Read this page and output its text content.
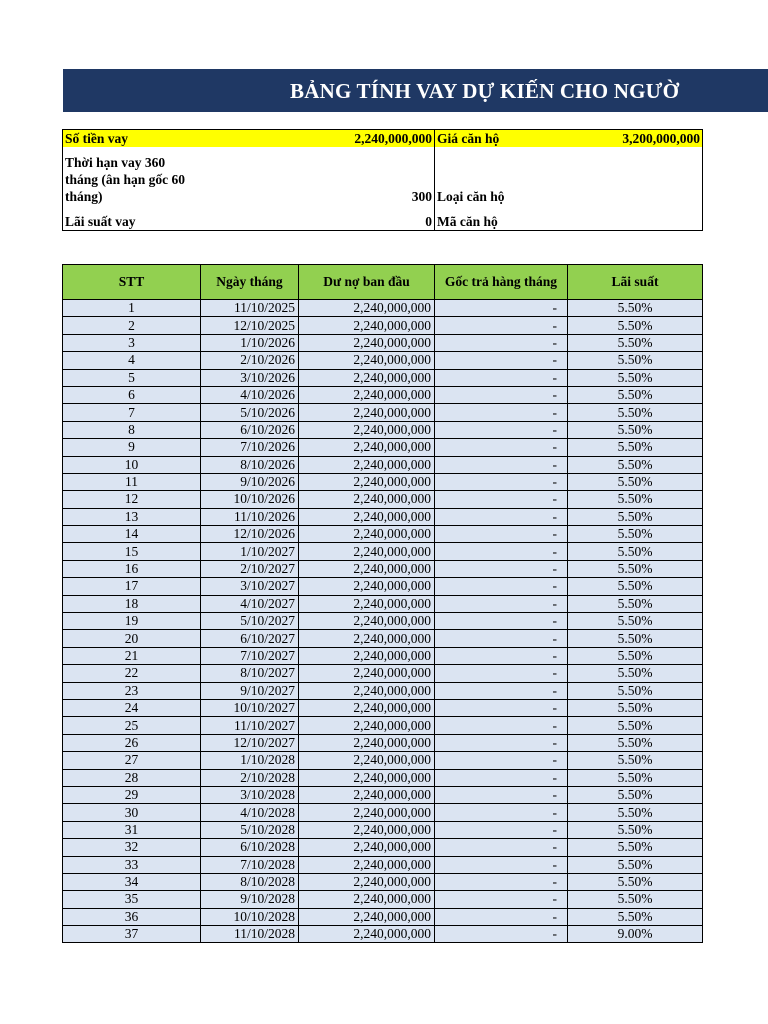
BẢNG TÍNH VAY DỰ KIẾN CHO NGƯỜ
Số tiền vay	2,240,000,000	Giá căn hộ	3,200,000,000

Thời hạn vay 360
tháng (ân hạn gốc 60
tháng)	300	Loại căn hộ	
Lãi suất vay	0	Mã căn hộ	
STT	Ngày tháng	Dư nợ ban đầu	Gốc trả hàng tháng	Lãi suất
1	11/10/2025	2,240,000,000	-	5.50%
2	12/10/2025	2,240,000,000	-	5.50%
3	1/10/2026	2,240,000,000	-	5.50%
4	2/10/2026	2,240,000,000	-	5.50%
5	3/10/2026	2,240,000,000	-	5.50%
6	4/10/2026	2,240,000,000	-	5.50%
7	5/10/2026	2,240,000,000	-	5.50%
8	6/10/2026	2,240,000,000	-	5.50%
9	7/10/2026	2,240,000,000	-	5.50%
10	8/10/2026	2,240,000,000	-	5.50%
11	9/10/2026	2,240,000,000	-	5.50%
12	10/10/2026	2,240,000,000	-	5.50%
13	11/10/2026	2,240,000,000	-	5.50%
14	12/10/2026	2,240,000,000	-	5.50%
15	1/10/2027	2,240,000,000	-	5.50%
16	2/10/2027	2,240,000,000	-	5.50%
17	3/10/2027	2,240,000,000	-	5.50%
18	4/10/2027	2,240,000,000	-	5.50%
19	5/10/2027	2,240,000,000	-	5.50%
20	6/10/2027	2,240,000,000	-	5.50%
21	7/10/2027	2,240,000,000	-	5.50%
22	8/10/2027	2,240,000,000	-	5.50%
23	9/10/2027	2,240,000,000	-	5.50%
24	10/10/2027	2,240,000,000	-	5.50%
25	11/10/2027	2,240,000,000	-	5.50%
26	12/10/2027	2,240,000,000	-	5.50%
27	1/10/2028	2,240,000,000	-	5.50%
28	2/10/2028	2,240,000,000	-	5.50%
29	3/10/2028	2,240,000,000	-	5.50%
30	4/10/2028	2,240,000,000	-	5.50%
31	5/10/2028	2,240,000,000	-	5.50%
32	6/10/2028	2,240,000,000	-	5.50%
33	7/10/2028	2,240,000,000	-	5.50%
34	8/10/2028	2,240,000,000	-	5.50%
35	9/10/2028	2,240,000,000	-	5.50%
36	10/10/2028	2,240,000,000	-	5.50%
37	11/10/2028	2,240,000,000	-	9.00%
